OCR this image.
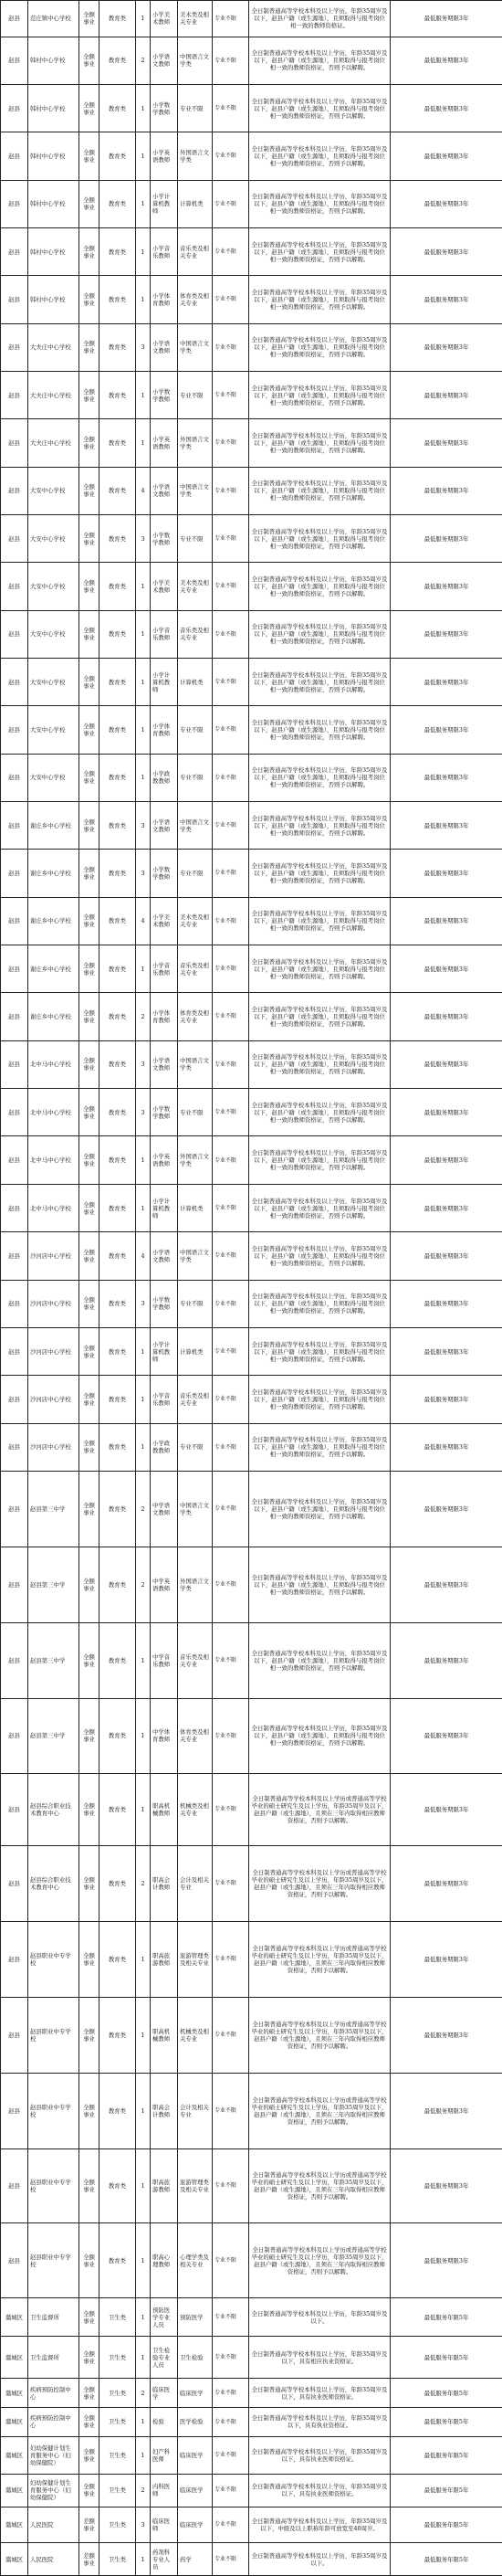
赵县	范庄镇中心学校	全额事业	教育类	1	小学美术教师	美术类及相关专业	专业不限	全日制普通高等学校本科及以上学历。年龄35周岁及以下，赵县户籍（或生源地），且须取得与报考岗位相一致的教师资格证。	最低服务期限3年
赵县	韩村中心学校	全额事业	教育类	2	小学语文教师	中国语言文学类	专业不限	全日制普通高等学校本科及以上学历，年龄35周岁及以下，赵县户籍（或生源地），且须取得与报考岗位相一致的教师资格证，否则予以解聘。	最低服务期限3年
赵县	韩村中心学校	全额事业	教育类	1	小学数学教师	专业不限	专业不限	全日制普通高等学校本科及以上学历，年龄35周岁及以下，赵县户籍（或生源地），且须取得与报考岗位相一致的教师资格证，否则予以解聘。	最低服务期限3年
赵县	韩村中心学校	全额事业	教育类	1	小学英语教师	外国语言文学类	专业不限	全日制普通高等学校本科及以上学历，年龄35周岁及以下，赵县户籍（或生源地），且须取得与报考岗位相一致的教师资格证，否则予以解聘。	最低服务期限3年
赵县	韩村中心学校	全额事业	教育类	1	小学计算机教师	计算机类	专业不限	全日制普通高等学校本科及以上学历，年龄35周岁及以下，赵县户籍（或生源地），且须取得与报考岗位相一致的教师资格证，否则予以解聘。	最低服务期限3年
赵县	韩村中心学校	全额事业	教育类	1	小学音乐教师	音乐类及相关专业	专业不限	全日制普通高等学校本科及以上学历，年龄35周岁及以下，赵县户籍（或生源地），且须取得与报考岗位相一致的教师资格证，否则予以解聘。	最低服务期限3年
赵县	韩村中心学校	全额事业	教育类	1	小学体育教师	体育类及相关专业	专业不限	全日制普通高等学校本科及以上学历，年龄35周岁及以下，赵县户籍（或生源地），且须取得与报考岗位相一致的教师资格证，否则予以解聘。	最低服务期限3年
赵县	大夫庄中心学校	全额事业	教育类	3	小学语文教师	中国语言文学类	专业不限	全日制普通高等学校本科及以上学历，年龄35周岁及以下，赵县户籍（或生源地），且须取得与报考岗位相一致的教师资格证，否则予以解聘。	最低服务期限3年
赵县	大夫庄中心学校	全额事业	教育类	1	小学数学教师	专业不限	专业不限	全日制普通高等学校本科及以上学历，年龄35周岁及以下，赵县户籍（或生源地），且须取得与报考岗位相一致的教师资格证，否则予以解聘。	最低服务期限3年
赵县	大夫庄中心学校	全额事业	教育类	1	小学英语教师	外国语言文学类	专业不限	全日制普通高等学校本科及以上学历，年龄35周岁及以下，赵县户籍（或生源地），且须取得与报考岗位相一致的教师资格证，否则予以解聘。	最低服务期限3年
赵县	大安中心学校	全额事业	教育类	4	小学语文教师	中国语言文学类	专业不限	全日制普通高等学校本科及以上学历，年龄35周岁及以下，赵县户籍（或生源地），且须取得与报考岗位相一致的教师资格证，否则予以解聘。	最低服务期限3年
赵县	大安中心学校	全额事业	教育类	3	小学数学教师	专业不限	专业不限	全日制普通高等学校本科及以上学历，年龄35周岁及以下，赵县户籍（或生源地），且须取得与报考岗位相一致的教师资格证，否则予以解聘。	最低服务期限3年
赵县	大安中心学校	全额事业	教育类	1	小学美术教师	美术类及相关专业	专业不限	全日制普通高等学校本科及以上学历，年龄35周岁及以下，赵县户籍（或生源地），且须取得与报考岗位相一致的教师资格证，否则予以解聘。	最低服务期限3年
赵县	大安中心学校	全额事业	教育类	1	小学音乐教师	音乐类及相关专业	专业不限	全日制普通高等学校本科及以上学历，年龄35周岁及以下，赵县户籍（或生源地），且须取得与报考岗位相一致的教师资格证，否则予以解聘。	最低服务期限3年
赵县	大安中心学校	全额事业	教育类	1	小学计算机教师	计算机类	专业不限	全日制普通高等学校本科及以上学历，年龄35周岁及以下，赵县户籍（或生源地），且须取得与报考岗位相一致的教师资格证，否则予以解聘。	最低服务期限3年
赵县	大安中心学校	全额事业	教育类	1	小学体育教师	专业不限	专业不限	全日制普通高等学校本科及以上学历，年龄35周岁及以下，赵县户籍（或生源地），且须取得与报考岗位相一致的教师资格证，否则予以解聘。	最低服务期限3年
赵县	大安中心学校	全额事业	教育类	1	小学政教教师	专业不限	专业不限	全日制普通高等学校本科及以上学历，年龄35周岁及以下，赵县户籍（或生源地），且须取得与报考岗位相一致的教师资格证，否则予以解聘。	最低服务期限3年
赵县	谢庄乡中心学校	全额事业	教育类	3	小学语文教师	中国语言文学类	专业不限	全日制普通高等学校本科及以上学历，年龄35周岁及以下，赵县户籍（或生源地），且须取得与报考岗位相一致的教师资格证，否则予以解聘。	最低服务期限3年
赵县	谢庄乡中心学校	全额事业	教育类	3	小学数学教师	专业不限	专业不限	全日制普通高等学校本科及以上学历，年龄35周岁及以下，赵县户籍（或生源地），且须取得与报考岗位相一致的教师资格证，否则予以解聘。	最低服务期限3年
赵县	谢庄乡中心学校	全额事业	教育类	4	小学美术教师	美术类及相关专业	专业不限	全日制普通高等学校本科及以上学历，年龄35周岁及以下，赵县户籍（或生源地），且须取得与报考岗位相一致的教师资格证，否则予以解聘。	最低服务期限3年
赵县	谢庄乡中心学校	全额事业	教育类	1	小学音乐教师	音乐类及相关专业	专业不限	全日制普通高等学校本科及以上学历，年龄35周岁及以下，赵县户籍（或生源地），且须取得与报考岗位相一致的教师资格证，否则予以解聘。	最低服务期限3年
赵县	谢庄乡中心学校	全额事业	教育类	2	小学体育教师	体育类及相关专业	专业不限	全日制普通高等学校本科及以上学历，年龄35周岁及以下，赵县户籍（或生源地），且须取得与报考岗位相一致的教师资格证，否则予以解聘。	最低服务期限3年
赵县	北中马中心学校	全额事业	教育类	3	小学语文教师	中国语言文学类	专业不限	全日制普通高等学校本科及以上学历，年龄35周岁及以下，赵县户籍（或生源地），且须取得与报考岗位相一致的教师资格证，否则予以解聘。	最低服务期限3年
赵县	北中马中心学校	全额事业	教育类	3	小学数学教师	专业不限	专业不限	全日制普通高等学校本科及以上学历，年龄35周岁及以下，赵县户籍（或生源地），且须取得与报考岗位相一致的教师资格证，否则予以解聘。	最低服务期限3年
赵县	北中马中心学校	全额事业	教育类	1	小学英语教师	外国语言文学类	专业不限	全日制普通高等学校本科及以上学历，年龄35周岁及以下，赵县户籍（或生源地），且须取得与报考岗位相一致的教师资格证，否则予以解聘。	最低服务期限3年
赵县	北中马中心学校	全额事业	教育类	1	小学计算机教师	计算机类	专业不限	全日制普通高等学校本科及以上学历，年龄35周岁及以下，赵县户籍（或生源地），且须取得与报考岗位相一致的教师资格证，否则予以解聘。	最低服务期限3年
赵县	沙河店中心学校	全额事业	教育类	4	小学语文教师	中国语言文学类	专业不限	全日制普通高等学校本科及以上学历，年龄35周岁及以下，赵县户籍（或生源地），且须取得与报考岗位相一致的教师资格证，否则予以解聘。	最低服务期限3年
赵县	沙河店中心学校	全额事业	教育类	3	小学数学教师	专业不限	专业不限	全日制普通高等学校本科及以上学历，年龄35周岁及以下，赵县户籍（或生源地），且须取得与报考岗位相一致的教师资格证，否则予以解聘。	最低服务期限3年
赵县	沙河店中心学校	全额事业	教育类	1	小学计算机教师	计算机类	专业不限	全日制普通高等学校本科及以上学历，年龄35周岁及以下，赵县户籍（或生源地），且须取得与报考岗位相一致的教师资格证，否则予以解聘。	最低服务期限3年
赵县	沙河店中心学校	全额事业	教育类	1	小学音乐教师	音乐类及相关专业	专业不限	全日制普通高等学校本科及以上学历，年龄35周岁及以下，赵县户籍（或生源地），且须取得与报考岗位相一致的教师资格证，否则予以解聘。	最低服务期限3年
赵县	沙河店中心学校	全额事业	教育类	1	小学政教教师	专业不限	专业不限	全日制普通高等学校本科及以上学历，年龄35周岁及以下，赵县户籍（或生源地），且须取得与报考岗位相一致的教师资格证，否则予以解聘。	最低服务期限3年
赵县	赵县第三中学	全额事业	教育类	2	中学语文教师	中国语言文学类	专业不限	全日制普通高等学校本科及以上学历，年龄35周岁及以下，赵县户籍（或生源地），且须取得与报考岗位相一致的教师资格证，否则予以解聘。	最低服务期限3年
赵县	赵县第三中学	全额事业	教育类	2	中学英语教师	外国语言文学类	专业不限	全日制普通高等学校本科及以上学历，年龄35周岁及以下，赵县户籍（或生源地），且须取得与报考岗位相一致的教师资格证，否则予以解聘。	最低服务期限3年
赵县	赵县第三中学	全额事业	教育类	1	中学音乐教师	音乐类及相关专业	专业不限	全日制普通高等学校本科及以上学历，年龄35周岁及以下，赵县户籍（或生源地），且须取得与报考岗位相一致的教师资格证，否则予以解聘。	最低服务期限3年
赵县	赵县第三中学	全额事业	教育类	1	中学体育教师	体育类及相关专业	专业不限	全日制普通高等学校本科及以上学历，年龄35周岁及以下，赵县户籍（或生源地），且须取得与报考岗位相一致的教师资格证，否则予以解聘。	最低服务期限3年
赵县	赵县综合职业技术教育中心	全额事业	教育类	1	职高机械教师	机械类及相关专业	专业不限	全日制普通高等学校本科及以上学历或普通高等学校毕业的硕士研究生及以上学历，年龄35周岁及以下，赵县户籍（或生源地），且须在三年内取得相应教师资格证，否则予以解聘。	最低服务期限3年
赵县	赵县综合职业技术教育中心	全额事业	教育类	2	职高会计教师	会计及相关专业	专业不限	全日制普通高等学校本科及以上学历或普通高等学校毕业的硕士研究生及以上学历，年龄35周岁及以下，赵县户籍（或生源地），且须在三年内取得相应教师资格证，否则予以解聘。	最低服务期限3年
赵县	赵县职业中专学校	全额事业	教育类	1	职高旅游教师	旅游管理类及相关专业	专业不限	全日制普通高等学校本科及以上学历或普通高等学校毕业的硕士研究生及以上学历，年龄35周岁及以下，赵县户籍（或生源地），且须在三年内取得相应教师资格证，否则予以解聘。	最低服务期限3年
赵县	赵县职业中专学校	全额事业	教育类	1	职高机械教师	机械类及相关专业	专业不限	全日制普通高等学校本科及以上学历或普通高等学校毕业的硕士研究生及以上学历，年龄35周岁及以下，赵县户籍（或生源地），且须在三年内取得相应教师资格证，否则予以解聘。	最低服务期限3年
赵县	赵县职业中专学校	全额事业	教育类	1	职高会计教师	会计及相关专业	专业不限	全日制普通高等学校本科及以上学历或普通高等学校毕业的硕士研究生及以上学历，年龄35周岁及以下，赵县户籍（或生源地），且须在三年内取得相应教师资格证，否则予以解聘。	最低服务期限3年
赵县	赵县职业中专学校	全额事业	教育类	1	职高旅游教师	旅游管理类及相关专业	专业不限	全日制普通高等学校本科及以上学历或普通高等学校毕业的硕士研究生及以上学历，年龄35周岁及以下，赵县户籍（或生源地），且须在三年内取得相应教师资格证，否则予以解聘。	最低服务期限3年
赵县	赵县职业中专学校	全额事业	教育类	1	职高心理教师	心理学类及相关专业	专业不限	全日制普通高等学校本科及以上学历或普通高等学校毕业的硕士研究生及以上学历，年龄35周岁及以下，赵县户籍（或生源地），且须在三年内取得相应教师资格证，否则予以解聘。	最低服务期限3年
藁城区	卫生监督所	全额事业	卫生类	1	预防医学专业人员	预防医学	专业不限	全日制普通高等学校本科及以上学历，年龄35周岁及以下。	最低服务年限5年
藁城区	卫生监督所	全额事业	卫生类	1	卫生检验专业人员	卫生检验	专业不限	全日制普通高等学校本科及以上学历，年龄35周岁及以下，具有相应执业资格证。	最低服务年限5年
藁城区	疾病预防控制中心	全额事业	卫生类	2	临床医学	临床医学	专业不限	全日制普通高等学校本科及以上学历，年龄35周岁及以下，具有执业医师资格证。	最低服务年限5年
藁城区	疾病预防控制中心	全额事业	卫生类	1	检验	医学检验	专业不限	全日制普通高等学校本科及以上学历，年龄35周岁及以下，具有执业资格证。	最低服务年限5年
藁城区	妇幼保健计划生育服务中心（妇幼保健院）	全额事业	卫生类	1	妇产科医师	临床医学	专业不限	全日制普通高等学校本科及以上学历，年龄35周岁及以下，具有执业医师资格证。	最低服务年限5年
藁城区	妇幼保健计划生育服务中心（妇幼保健院）	全额事业	卫生类	2	内科医师	临床医学	专业不限	全日制普通高等学校本科及以上学历，年龄35周岁及以下，具有执业医师资格证。	最低服务年限5年
藁城区	人民医院	差额事业	卫生类	3	临床医师	临床医学	专业不限	全日制普通高等学校本科及以上学历，年龄35周岁及以下，中级及以上职称年龄可放宽至40周岁。	最低服务年限5年
藁城区	人民医院	差额事业	卫生类	1	药剂科专业人员	药学	专业不限	全日制普通高等学校本科及以上学历，年龄35周岁及以下。	最低服务年限5年
